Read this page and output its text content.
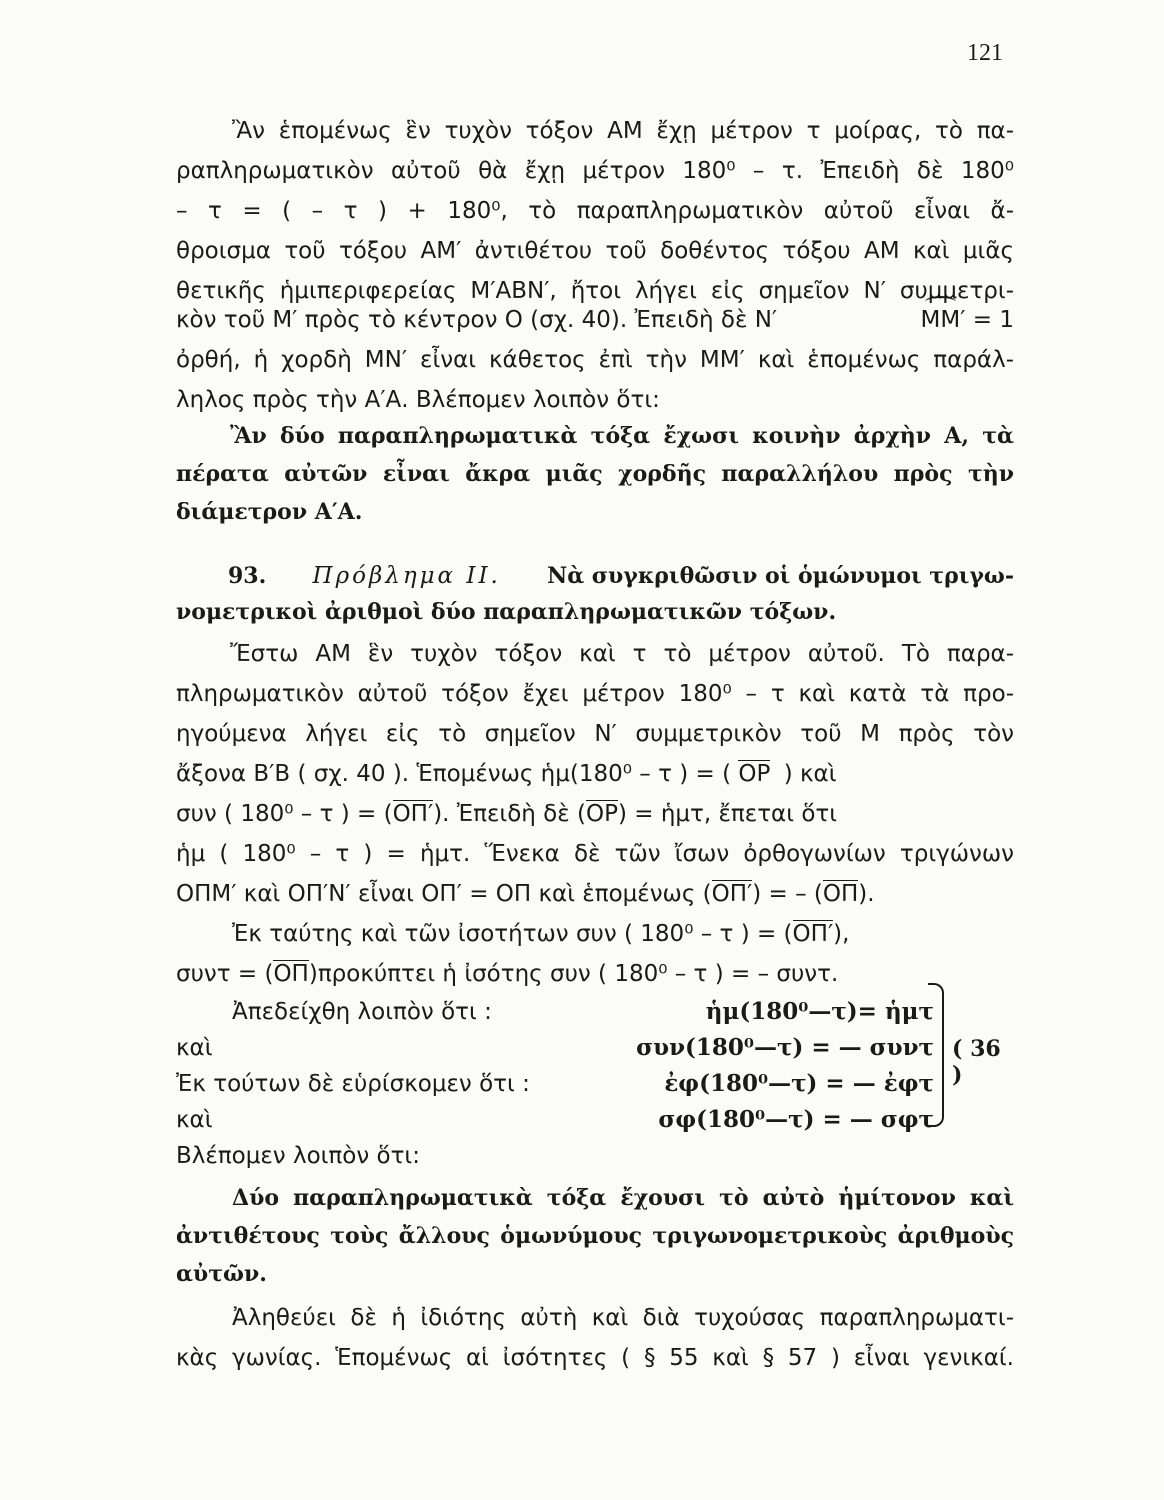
121
Ἂν ἑπομένως ἓν τυχὸν τόξον ΑΜ ἔχῃ μέτρον τ μοίρας, τὸ πα-
ραπληρωματικὸν αὐτοῦ θὰ ἔχῃ μέτρον 180⁰ – τ. Ἐπειδὴ δὲ 180⁰
– τ = ( – τ ) + 180⁰, τὸ παραπληρωματικὸν αὐτοῦ εἶναι ἄ-
θροισμα τοῦ τόξου ΑΜ′ ἀντιθέτου τοῦ δοθέντος τόξου ΑΜ καὶ μιᾶς
θετικῆς ἡμιπεριφερείας Μ′ΑΒΝ′, ἤτοι λήγει εἰς σημεῖον Ν′ συμμετρι-
κὸν τοῦ Μ′ πρὸς τὸ κέντρον Ο (σχ. 40). Ἐπειδὴ δὲ Ν′	ΜΜ′ = 1
ὀρθή, ἡ χορδὴ ΜΝ′ εἶναι κάθετος ἐπὶ τὴν ΜΜ′ καὶ ἑπομένως παράλ-
ληλος πρὸς τὴν Α′Α. Βλέπομεν λοιπὸν ὅτι:
Ἂν δύο παραπληρωματικὰ τόξα ἔχωσι κοινὴν ἀρχὴν Α, τὰ
πέρατα αὐτῶν εἶναι ἄκρα μιᾶς χορδῆς παραλλήλου πρὸς τὴν
διάμετρον Α′Α.
93. Πρόβλημα ΙΙ. Νὰ συγκριθῶσιν οἱ ὁμώνυμοι τριγω-
νομετρικοὶ ἀριθμοὶ δύο παραπληρωματικῶν τόξων.
Ἔστω ΑΜ ἓν τυχὸν τόξον καὶ τ τὸ μέτρον αὐτοῦ. Τὸ παρα-
πληρωματικὸν αὐτοῦ τόξον ἔχει μέτρον 180⁰ – τ καὶ κατὰ τὰ προ-
ηγούμενα λήγει εἰς τὸ σημεῖον Ν′ συμμετρικὸν τοῦ Μ πρὸς τὸν
ἄξονα Β′Β ( σχ. 40 ). Ἑπομένως ἡμ(180⁰ – τ ) = ( ΟΡ ) καὶ
συν ( 180⁰ – τ ) = (ΟΠ′). Ἐπειδὴ δὲ (ΟΡ) = ἡμτ, ἔπεται ὅτι
ἡμ ( 180⁰ – τ ) = ἡμτ. Ἕνεκα δὲ τῶν ἴσων ὀρθογωνίων τριγώνων
ΟΠΜ′ καὶ ΟΠ′Ν′ εἶναι ΟΠ′ = ΟΠ καὶ ἑπομένως (ΟΠ′) = – (ΟΠ).
Ἐκ ταύτης καὶ τῶν ἰσοτήτων συν ( 180⁰ – τ ) = (ΟΠ′),
συντ = (ΟΠ)προκύπτει ἡ ἰσότης συν ( 180⁰ – τ ) = – συντ.
Ἀπεδείχθη λοιπὸν ὅτι :	ἡμ(180⁰—τ)= ἡμτ
καὶ	συν(180⁰—τ) = — συντ
Ἐκ τούτων δὲ εὑρίσκομεν ὅτι :	ἐφ(180⁰—τ) = — ἐφτ
καὶ	σφ(180⁰—τ) = — σφτ
( 36 )
Βλέπομεν λοιπὸν ὅτι:
Δύο παραπληρωματικὰ τόξα ἔχουσι τὸ αὐτὸ ἡμίτονον καὶ
ἀντιθέτους τοὺς ἄλλους ὁμωνύμους τριγωνομετρικοὺς ἀριθμοὺς
αὐτῶν.
Ἀληθεύει δὲ ἡ ἰδιότης αὐτὴ καὶ διὰ τυχούσας παραπληρωματι-
κὰς γωνίας. Ἑπομένως αἱ ἰσότητες ( § 55 καὶ § 57 ) εἶναι γενικαί.
